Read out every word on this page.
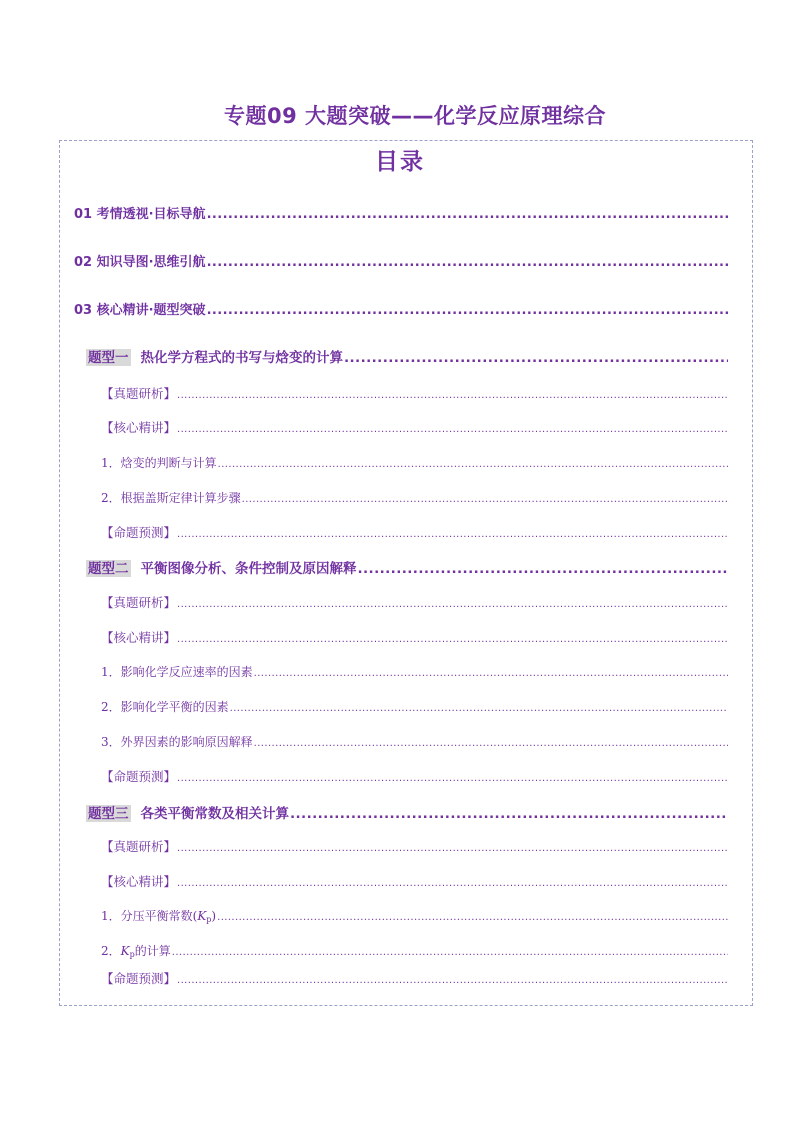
专题09 大题突破——化学反应原理综合
目录
01 考情透视·目标导航
.....
02 知识导图·思维引航
.....
03 核心精讲·题型突破
.....
题型一 热化学方程式的书写与焓变的计算
.....
【真题研析】
.....
【核心精讲】
.....
1．焓变的判断与计算
.....
2．根据盖斯定律计算步骤
.....
【命题预测】
.....
题型二 平衡图像分析、条件控制及原因解释
.....
【真题研析】
.....
【核心精讲】
.....
1．影响化学反应速率的因素
.....
2．影响化学平衡的因素
.....
3．外界因素的影响原因解释
.....
【命题预测】
.....
题型三 各类平衡常数及相关计算
.....
【真题研析】
.....
【核心精讲】
.....
1．分压平衡常数$(K_p)$
.....
2．$K_p$的计算
.....
【命题预测】
.....
